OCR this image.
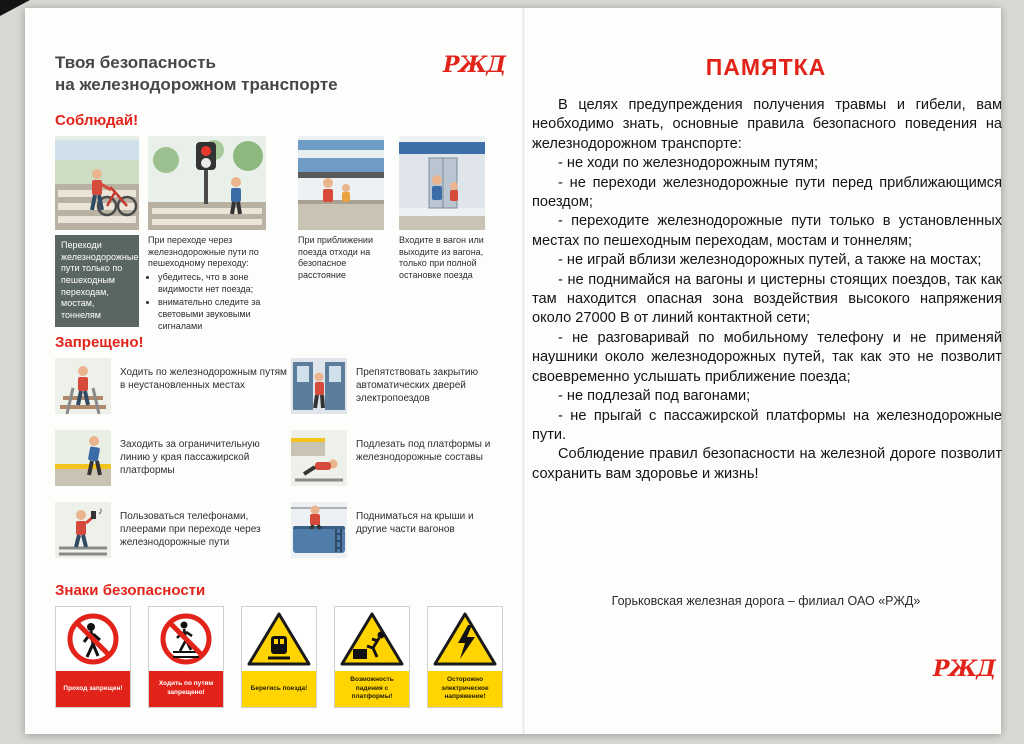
Твоя безопасность
на железнодорожном транспорте
РЖД
Соблюдай!
Переходи железнодорожные пути только по пешеходным переходам, мостам, тоннелям

При переходе через железнодорожные пути по пешеходному переходу:

• убедитесь, что в зоне видимости нет поезда;
• внимательно следите за световыми звуковыми сигналами
При приближении поезда отходи на безопасное расстояние
Входите в вагон или выходите из вагона, только при полной остановке поезда
Запрещено!
Ходить по железнодорожным путям в неустановленных местах
Препятствовать закрытию автоматических дверей электропоездов
Заходить за ограничительную линию у края пассажирской платформы
Подлезать под платформы и железнодорожные составы
♪ Пользоваться телефонами, плеерами при переходе через железнодорожные пути
Подниматься на крыши и другие части вагонов
Знаки безопасности
Проход запрещен!
Ходить по путям запрещено!
Берегись поезда!
Возможность падения с платформы!
Осторожно электрическое напряжение!
ПАМЯТКА

В целях предупреждения получения травмы и гибели, вам необходимо знать, основные правила безопасного поведения на железнодорожном транспорте:

- не ходи по железнодорожным путям;

- не переходи железнодорожные пути перед приближающимся поездом;

- переходите железнодорожные пути только в установленных местах по пешеходным переходам, мостам и тоннелям;

- не играй вблизи железнодорожных путей, а также на мостах;

- не поднимайся на вагоны и цистерны стоящих поездов, так как там находится опасная зона воздействия высокого напряжения около 27000 В от линий контактной сети;

- не разговаривай по мобильному телефону и не применяй наушники около железнодорожных путей, так как это не позволит своевременно услышать приближение поезда;

- не подлезай под вагонами;

- не прыгай с пассажирской платформы на железнодорожные пути.

Соблюдение правил безопасности на железной дороге позволит сохранить вам здоровье и жизнь!

Горьковская железная дорога – филиал ОАО «РЖД»
РЖД
